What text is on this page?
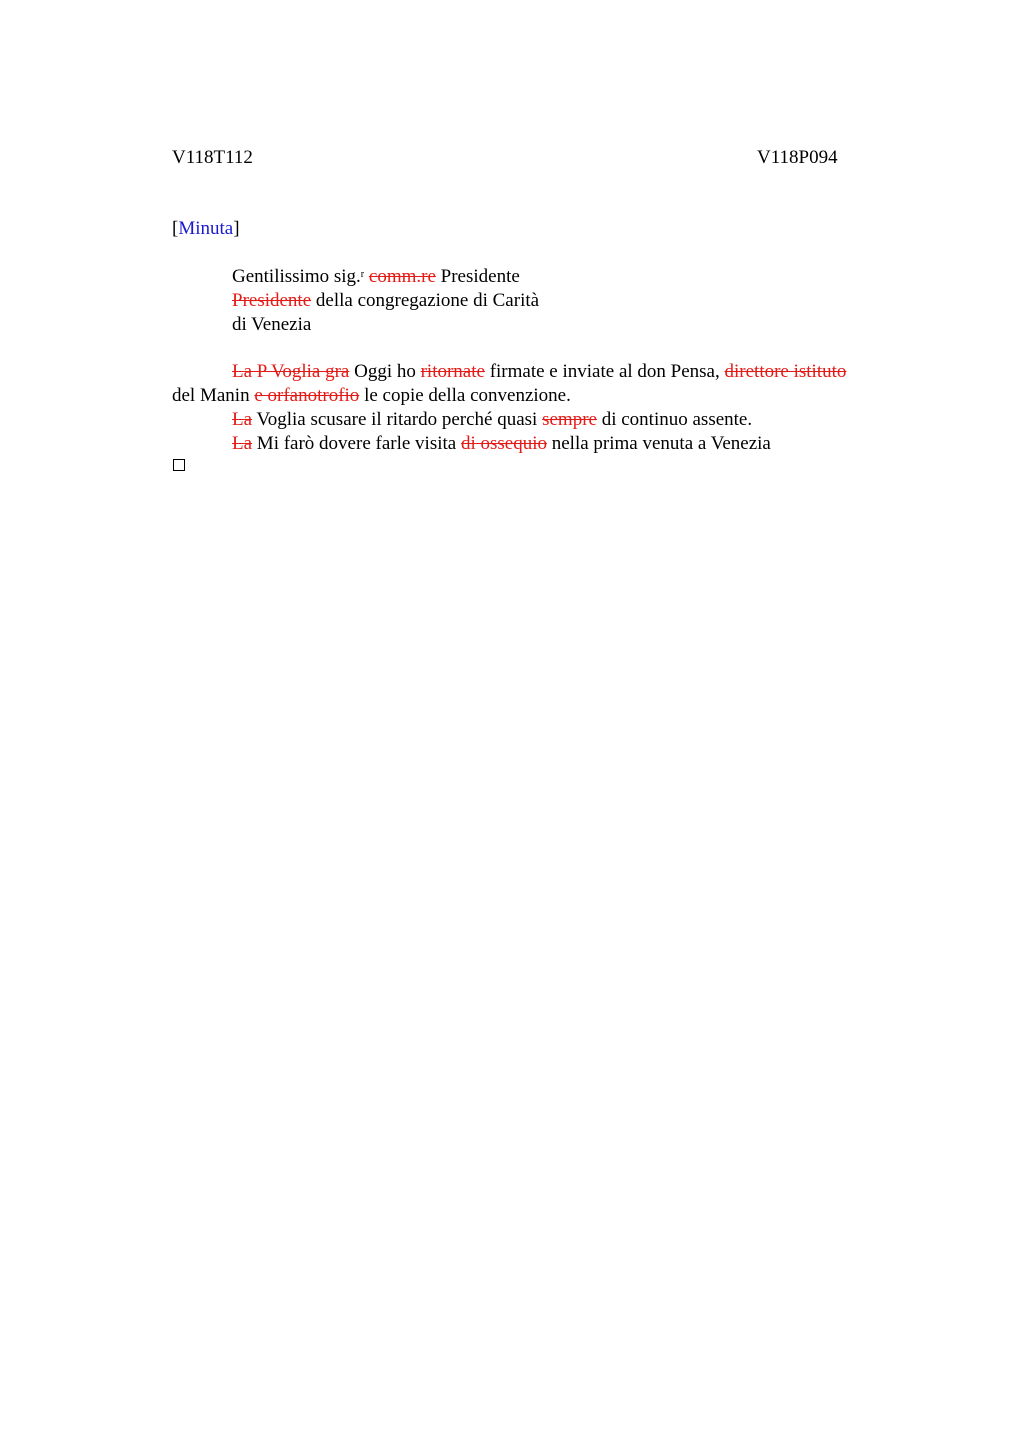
V118T112	V118P094
[Minuta]
Gentilissimo sig.$^r$ comm.re Presidente
Presidente della congregazione di Carità
di Venezia
La P Voglia gra Oggi ho ritornate firmate e inviate al don Pensa, direttore istituto
del Manin e orfanotrofio le copie della convenzione.
La Voglia scusare il ritardo perché quasi sempre di continuo assente.
La Mi farò dovere farle visita di ossequio nella prima venuta a Venezia
